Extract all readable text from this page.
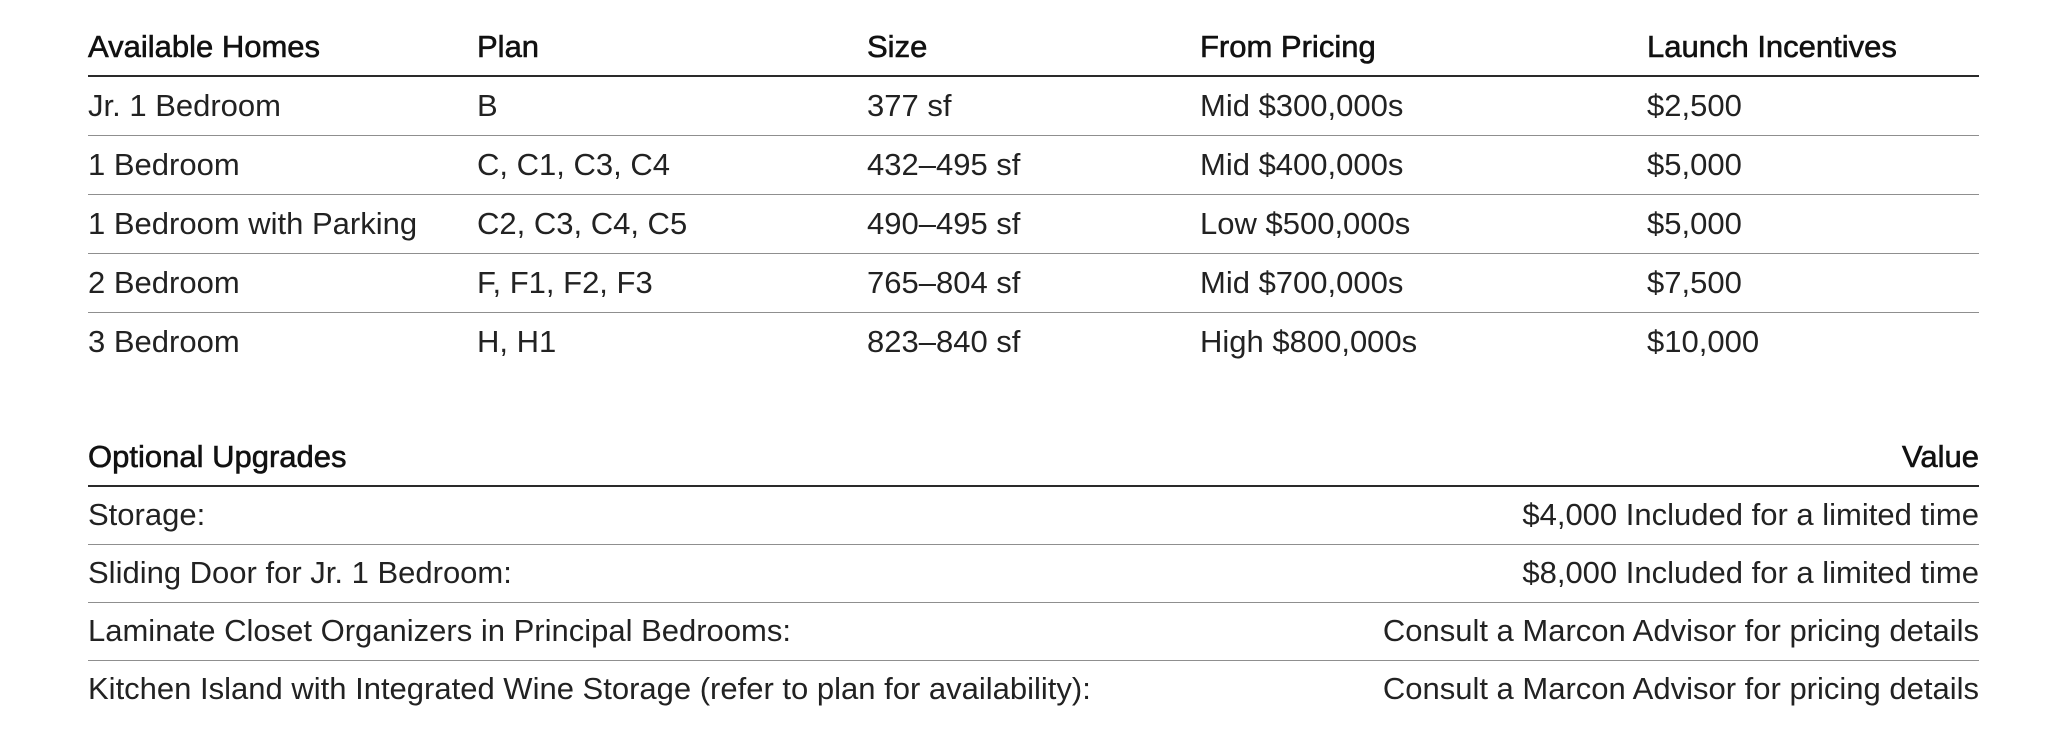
Available Homes	Plan	Size	From Pricing	Launch Incentives
Jr. 1 Bedroom	B	377 sf	Mid $300,000s	$2,500
1 Bedroom	C, C1, C3, C4	432–495 sf	Mid $400,000s	$5,000
1 Bedroom with Parking	C2, C3, C4, C5	490–495 sf	Low $500,000s	$5,000
2 Bedroom	F, F1, F2, F3	765–804 sf	Mid $700,000s	$7,500
3 Bedroom	H, H1	823–840 sf	High $800,000s	$10,000
Optional Upgrades	Value
Storage:	$4,000 Included for a limited time
Sliding Door for Jr. 1 Bedroom:	$8,000 Included for a limited time
Laminate Closet Organizers in Principal Bedrooms:	Consult a Marcon Advisor for pricing details
Kitchen Island with Integrated Wine Storage (refer to plan for availability):	Consult a Marcon Advisor for pricing details
